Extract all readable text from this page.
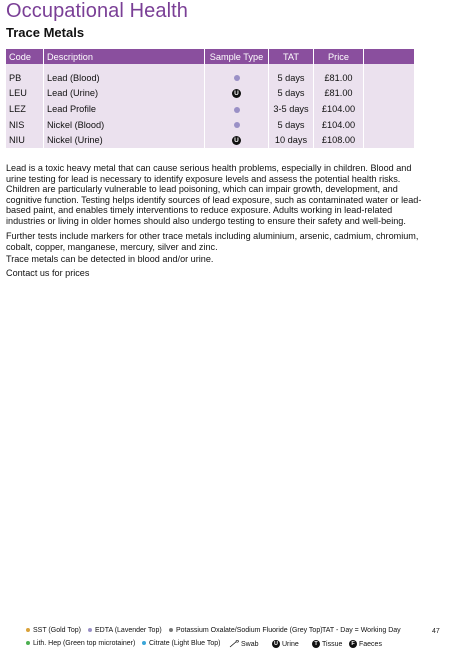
Occupational Health
Trace Metals
Code	Description	Sample Type	TAT	Price	

PB	Lead (Blood)		5 days	£81.00	
LEU	Lead (Urine)	U	5 days	£81.00	
LEZ	Lead Profile		3-5 days	£104.00	
NIS	Nickel (Blood)		5 days	£104.00	
NIU	Nickel (Urine)	U	10 days	£108.00	

Lead is a toxic heavy metal that can cause serious health problems, especially in children. Blood and urine testing for lead is necessary to identify exposure levels and assess the potential health risks. Children are particularly vulnerable to lead poisoning, which can impair growth, development, and cognitive function. Testing helps identify sources of lead exposure, such as contaminated water or lead-based paint, and enables timely interventions to reduce exposure. Adults working in lead-related industries or living in older homes should also undergo testing to ensure their safety and well-being.

Further tests include markers for other trace metals including aluminium, arsenic, cadmium, chromium, cobalt, copper, manganese, mercury, silver and zinc.

Trace metals can be detected in blood and/or urine.

Contact us for prices

SST (Gold Top)	EDTA (Lavender Top)	Potassium Oxalate/Sodium Fluoride (Grey Top) TAT - Day = Working Day
Lith. Hep (Green top microtainer)	Citrate (Light Blue Top)	Swab	U Urine	T Tissue	F Faeces
47
